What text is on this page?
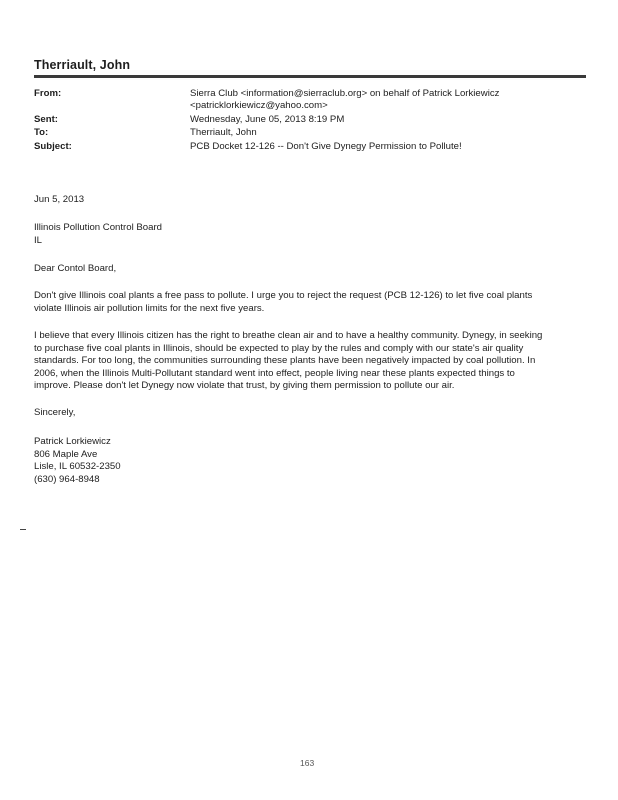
Therriault, John
From:	Sierra Club <information@sierraclub.org> on behalf of Patrick Lorkiewicz
<patricklorkiewicz@yahoo.com>
Sent:	Wednesday, June 05, 2013 8:19 PM
To:	Therriault, John
Subject:	PCB Docket 12-126 -- Don't Give Dynegy Permission to Pollute!
Jun 5, 2013
Illinois Pollution Control Board
IL
Dear Contol Board,
Don't give Illinois coal plants a free pass to pollute. I urge you to reject the request (PCB 12-126) to let five coal plants
violate Illinois air pollution limits for the next five years.
I believe that every Illinois citizen has the right to breathe clean air and to have a healthy community. Dynegy, in seeking
to purchase five coal plants in Illinois, should be expected to play by the rules and comply with our state's air quality
standards. For too long, the communities surrounding these plants have been negatively impacted by coal pollution. In
2006, when the Illinois Multi-Pollutant standard went into effect, people living near these plants expected things to
improve. Please don't let Dynegy now violate that trust, by giving them permission to pollute our air.
Sincerely,
Patrick Lorkiewicz
806 Maple Ave
Lisle, IL 60532-2350
(630) 964-8948
163
